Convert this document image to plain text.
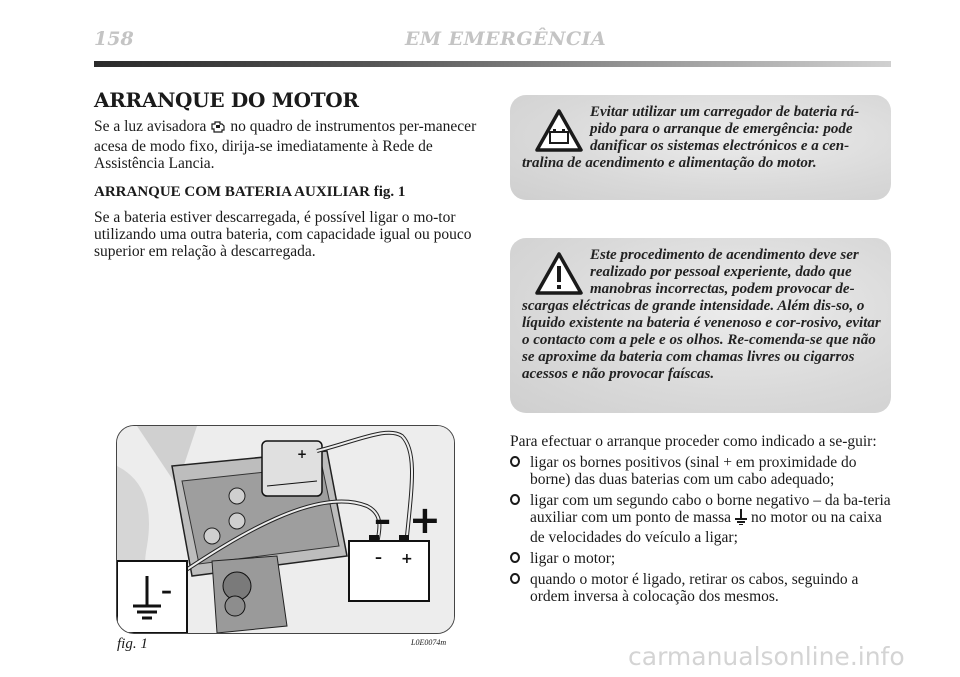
158	EM EMERGÊNCIA
ARRANQUE DO MOTOR

Se a luz avisadora no quadro de instrumentos per-manecer acesa de modo fixo, dirija-se imediatamente à Rede de Assistência Lancia.

ARRANQUE COM BATERIA AUXILIAR fig. 1

Se a bateria estiver descarregada, é possível ligar o mo-tor utilizando uma outra bateria, com capacidade igual ou pouco superior em relação à descarregada.

Evitar utilizar um carregador de bateria rá-pido para o arranque de emergência: pode danificar os sistemas electrónicos e a cen-tralina de acendimento e alimentação do motor.
Este procedimento de acendimento deve ser realizado por pessoal experiente, dado que manobras incorrectas, podem provocar de-scargas eléctricas de grande intensidade. Além dis-so, o líquido existente na bateria é venenoso e cor-rosivo, evitar o contacto com a pele e os olhos. Re-comenda-se que não se aproxime da bateria com chamas livres ou cigarros acessos e não provocar faíscas.
+
– +
– +
–
fig. 1	L0E0074m

Para efectuar o arranque proceder como indicado a se-guir:

ligar os bornes positivos (sinal + em proximidade do borne) das duas baterias com um cabo adequado;
ligar com um segundo cabo o borne negativo – da ba-teria auxiliar com um ponto de massa no motor ou na caixa de velocidades do veículo a ligar;
ligar o motor;
quando o motor é ligado, retirar os cabos, seguindo a ordem inversa à colocação dos mesmos.
carmanualsonline.info
